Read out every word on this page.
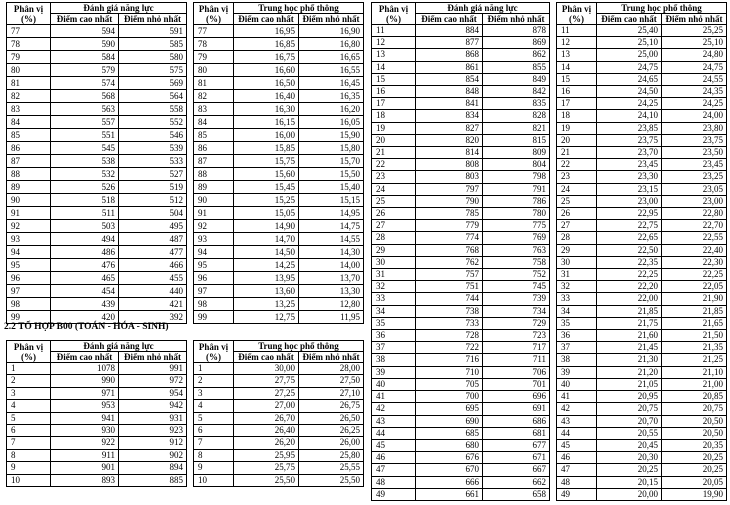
Phân vị (%)	Đánh giá năng lực	
	Điểm cao nhất	Điểm nhỏ nhất
77	594	591
78	590	585
79	584	580
80	579	575
81	574	569
82	568	564
83	563	558
84	557	552
85	551	546
86	545	539
87	538	533
88	532	527
89	526	519
90	518	512
91	511	504
92	503	495
93	494	487
94	486	477
95	476	466
96	465	455
97	454	440
98	439	421
99	420	392
Phân vị (%)	Trung học phổ thông	
	Điểm cao nhất	Điểm nhỏ nhất
77	16,95	16,90
78	16,85	16,80
79	16,75	16,65
80	16,60	16,55
81	16,50	16,45
82	16,40	16,35
83	16,30	16,20
84	16,15	16,05
85	16,00	15,90
86	15,85	15,80
87	15,75	15,70
88	15,60	15,50
89	15,45	15,40
90	15,25	15,15
91	15,05	14,95
92	14,90	14,75
93	14,70	14,55
94	14,50	14,30
95	14,25	14,00
96	13,95	13,70
97	13,60	13,30
98	13,25	12,80
99	12,75	11,95
2.2 TỔ HỢP B00 (TOÁN - HÓA - SINH)
Phân vị (%)	Đánh giá năng lực	
	Điểm cao nhất	Điểm nhỏ nhất
1	1078	991
2	990	972
3	971	954
4	953	942
5	941	931
6	930	923
7	922	912
8	911	902
9	901	894
10	893	885
Phân vị (%)	Trung học phổ thông	
	Điểm cao nhất	Điểm nhỏ nhất
1	30,00	28,00
2	27,75	27,50
3	27,25	27,10
4	27,00	26,75
5	26,70	26,50
6	26,40	26,25
7	26,20	26,00
8	25,95	25,80
9	25,75	25,55
10	25,50	25,50
Phân vị (%)	Đánh giá năng lực	
	Điểm cao nhất	Điểm nhỏ nhất
11	884	878
12	877	869
13	868	862
14	861	855
15	854	849
16	848	842
17	841	835
18	834	828
19	827	821
20	820	815
21	814	809
22	808	804
23	803	798
24	797	791
25	790	786
26	785	780
27	779	775
28	774	769
29	768	763
30	762	758
31	757	752
32	751	745
33	744	739
34	738	734
35	733	729
36	728	723
37	722	717
38	716	711
39	710	706
40	705	701
41	700	696
42	695	691
43	690	686
44	685	681
45	680	677
46	676	671
47	670	667
48	666	662
49	661	658
Phân vị (%)	Trung học phổ thông	
	Điểm cao nhất	Điểm nhỏ nhất
11	25,40	25,25
12	25,10	25,10
13	25,00	24,80
14	24,75	24,75
15	24,65	24,55
16	24,50	24,35
17	24,25	24,25
18	24,10	24,00
19	23,85	23,80
20	23,75	23,75
21	23,70	23,50
22	23,45	23,45
23	23,30	23,25
24	23,15	23,05
25	23,00	23,00
26	22,95	22,80
27	22,75	22,70
28	22,65	22,55
29	22,50	22,40
30	22,35	22,30
31	22,25	22,25
32	22,20	22,05
33	22,00	21,90
34	21,85	21,85
35	21,75	21,65
36	21,60	21,50
37	21,45	21,35
38	21,30	21,25
39	21,20	21,10
40	21,05	21,00
41	20,95	20,85
42	20,75	20,75
43	20,70	20,50
44	20,55	20,50
45	20,45	20,35
46	20,30	20,25
47	20,25	20,25
48	20,15	20,05
49	20,00	19,90
